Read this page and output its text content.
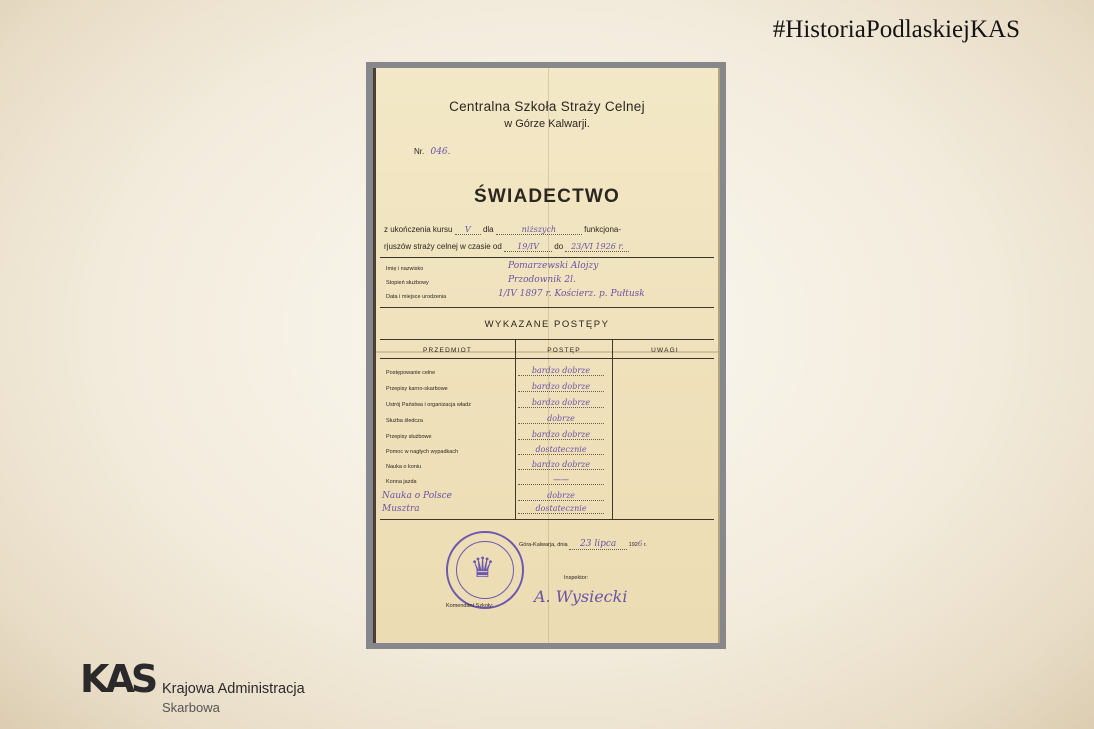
#HistoriaPodlaskiejKAS
Centralna Szkoła Straży Celnej
w Górze Kalwarji.
Nr. 046.
ŚWIADECTWO
z ukończenia kursu V dla	niższych	funkcjona-
rjuszów straży celnej w czasie od 19/IV do 23/VI 1926 r.
Imię i nazwisko	Pomarzewski Alojzy
Stopień służbowy	Przodownik 2l.
Data i miejsce urodzenia	1/IV 1897 r. Kościerz. p. Pułtusk
WYKAZANE POSTĘPY
PRZEDMIOT	POSTĘP	UWAGI
Postępowanie celne	bardzo dobrze
Przepisy karno-skarbowe	bardzo dobrze
Ustrój Państwa i organizacja władz	bardzo dobrze
Służba śledcza	dobrze
Przepisy służbowe	bardzo dobrze
Pomoc w nagłych wypadkach	dostatecznie
Nauka o koniu	bardzo dobrze
Konna jazda	——
Nauka o Polsce	dobrze
Musztra	dostatecznie
Góra-Kalwarja, dnia 23 lipca 1926 r.
♛	Inspektor:
A. Wysiecki
Komendant Szkoły:
KAS Krajowa Administracja
Skarbowa
